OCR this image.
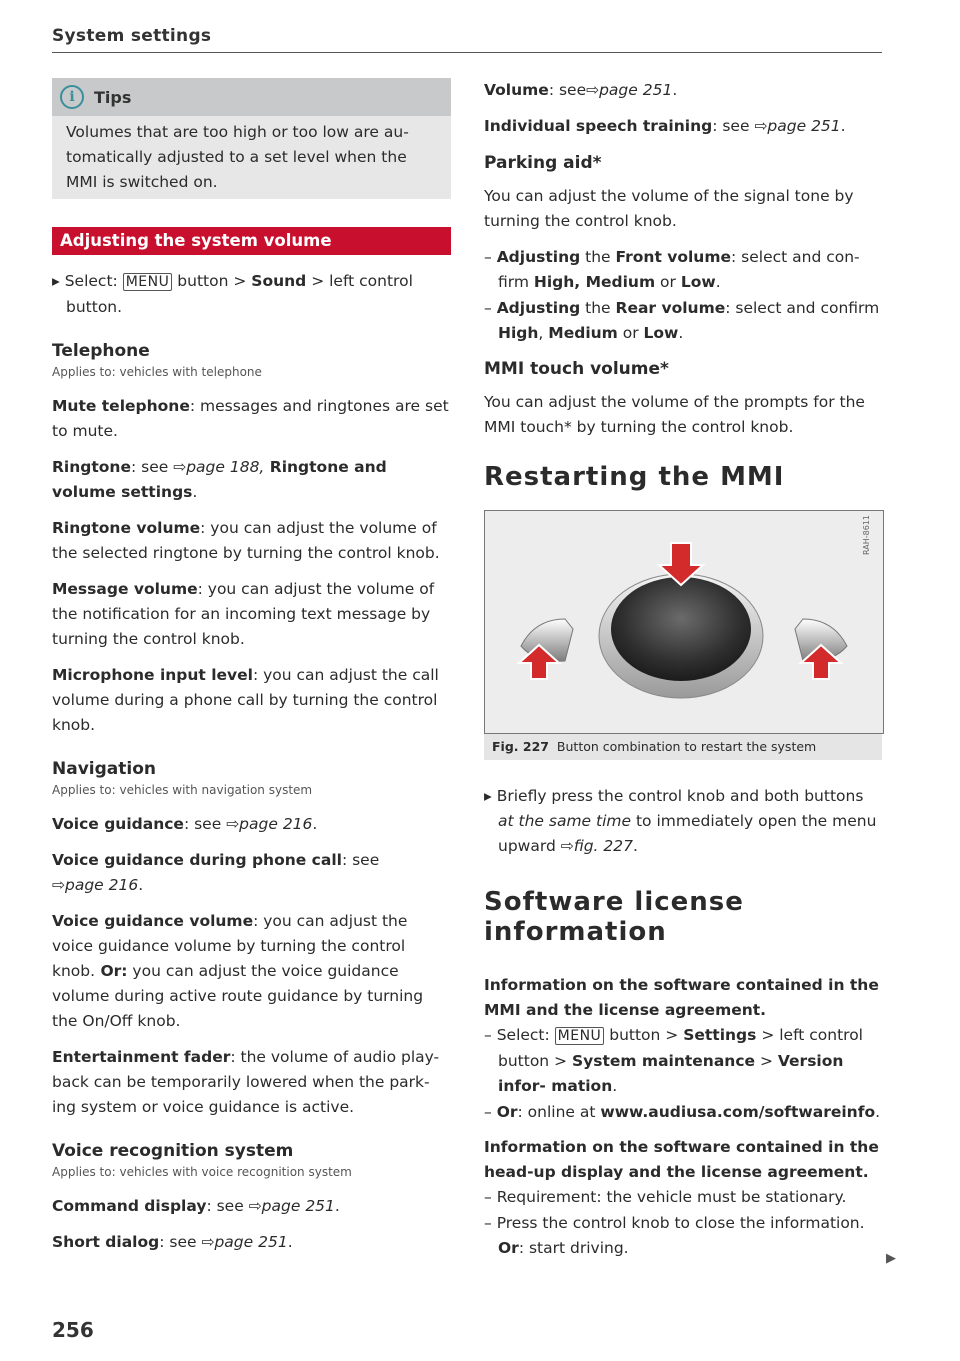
System settings
i	Tips
Volumes that are too high or too low are au- tomatically adjusted to a set level when the MMI is switched on.
Adjusting the system volume

▸ Select: MENU button > Sound > left control button.

Telephone
Applies to: vehicles with telephone

Mute telephone: messages and ringtones are set to mute.

Ringtone: see ⇨page 188, Ringtone and volume settings.

Ringtone volume: you can adjust the volume of the selected ringtone by turning the control knob.

Message volume: you can adjust the volume of the notification for an incoming text message by turning the control knob.

Microphone input level: you can adjust the call volume during a phone call by turning the control knob.

Navigation
Applies to: vehicles with navigation system

Voice guidance: see ⇨page 216.

Voice guidance during phone call: see
⇨page 216.

Voice guidance volume: you can adjust the voice guidance volume by turning the control knob. Or: you can adjust the voice guidance volume during active route guidance by turning the On/Off knob.

Entertainment fader: the volume of audio play- back can be temporarily lowered when the park- ing system or voice guidance is active.

Voice recognition system
Applies to: vehicles with voice recognition system

Command display: see ⇨page 251.

Short dialog: see ⇨page 251.

Volume: see⇨page 251.

Individual speech training: see ⇨page 251.

Parking aid*

You can adjust the volume of the signal tone by turning the control knob.

– Adjusting the Front volume: select and con- firm High, Medium or Low.

– Adjusting the Rear volume: select and confirm High, Medium or Low.

MMI touch volume*

You can adjust the volume of the prompts for the MMI touch* by turning the control knob.

Restarting the MMI
RAH-8611
Fig. 227 Button combination to restart the system

▸ Briefly press the control knob and both buttons at the same time to immediately open the menu upward ⇨fig. 227.

Software license information

Information on the software contained in the MMI and the license agreement.

– Select: MENU button > Settings > left control button > System maintenance > Version infor- mation.

– Or: online at www.audiusa.com/softwareinfo.

Information on the software contained in the head-up display and the license agreement.

– Requirement: the vehicle must be stationary.

– Press the control knob to close the information.
Or: start driving.

▶
256
